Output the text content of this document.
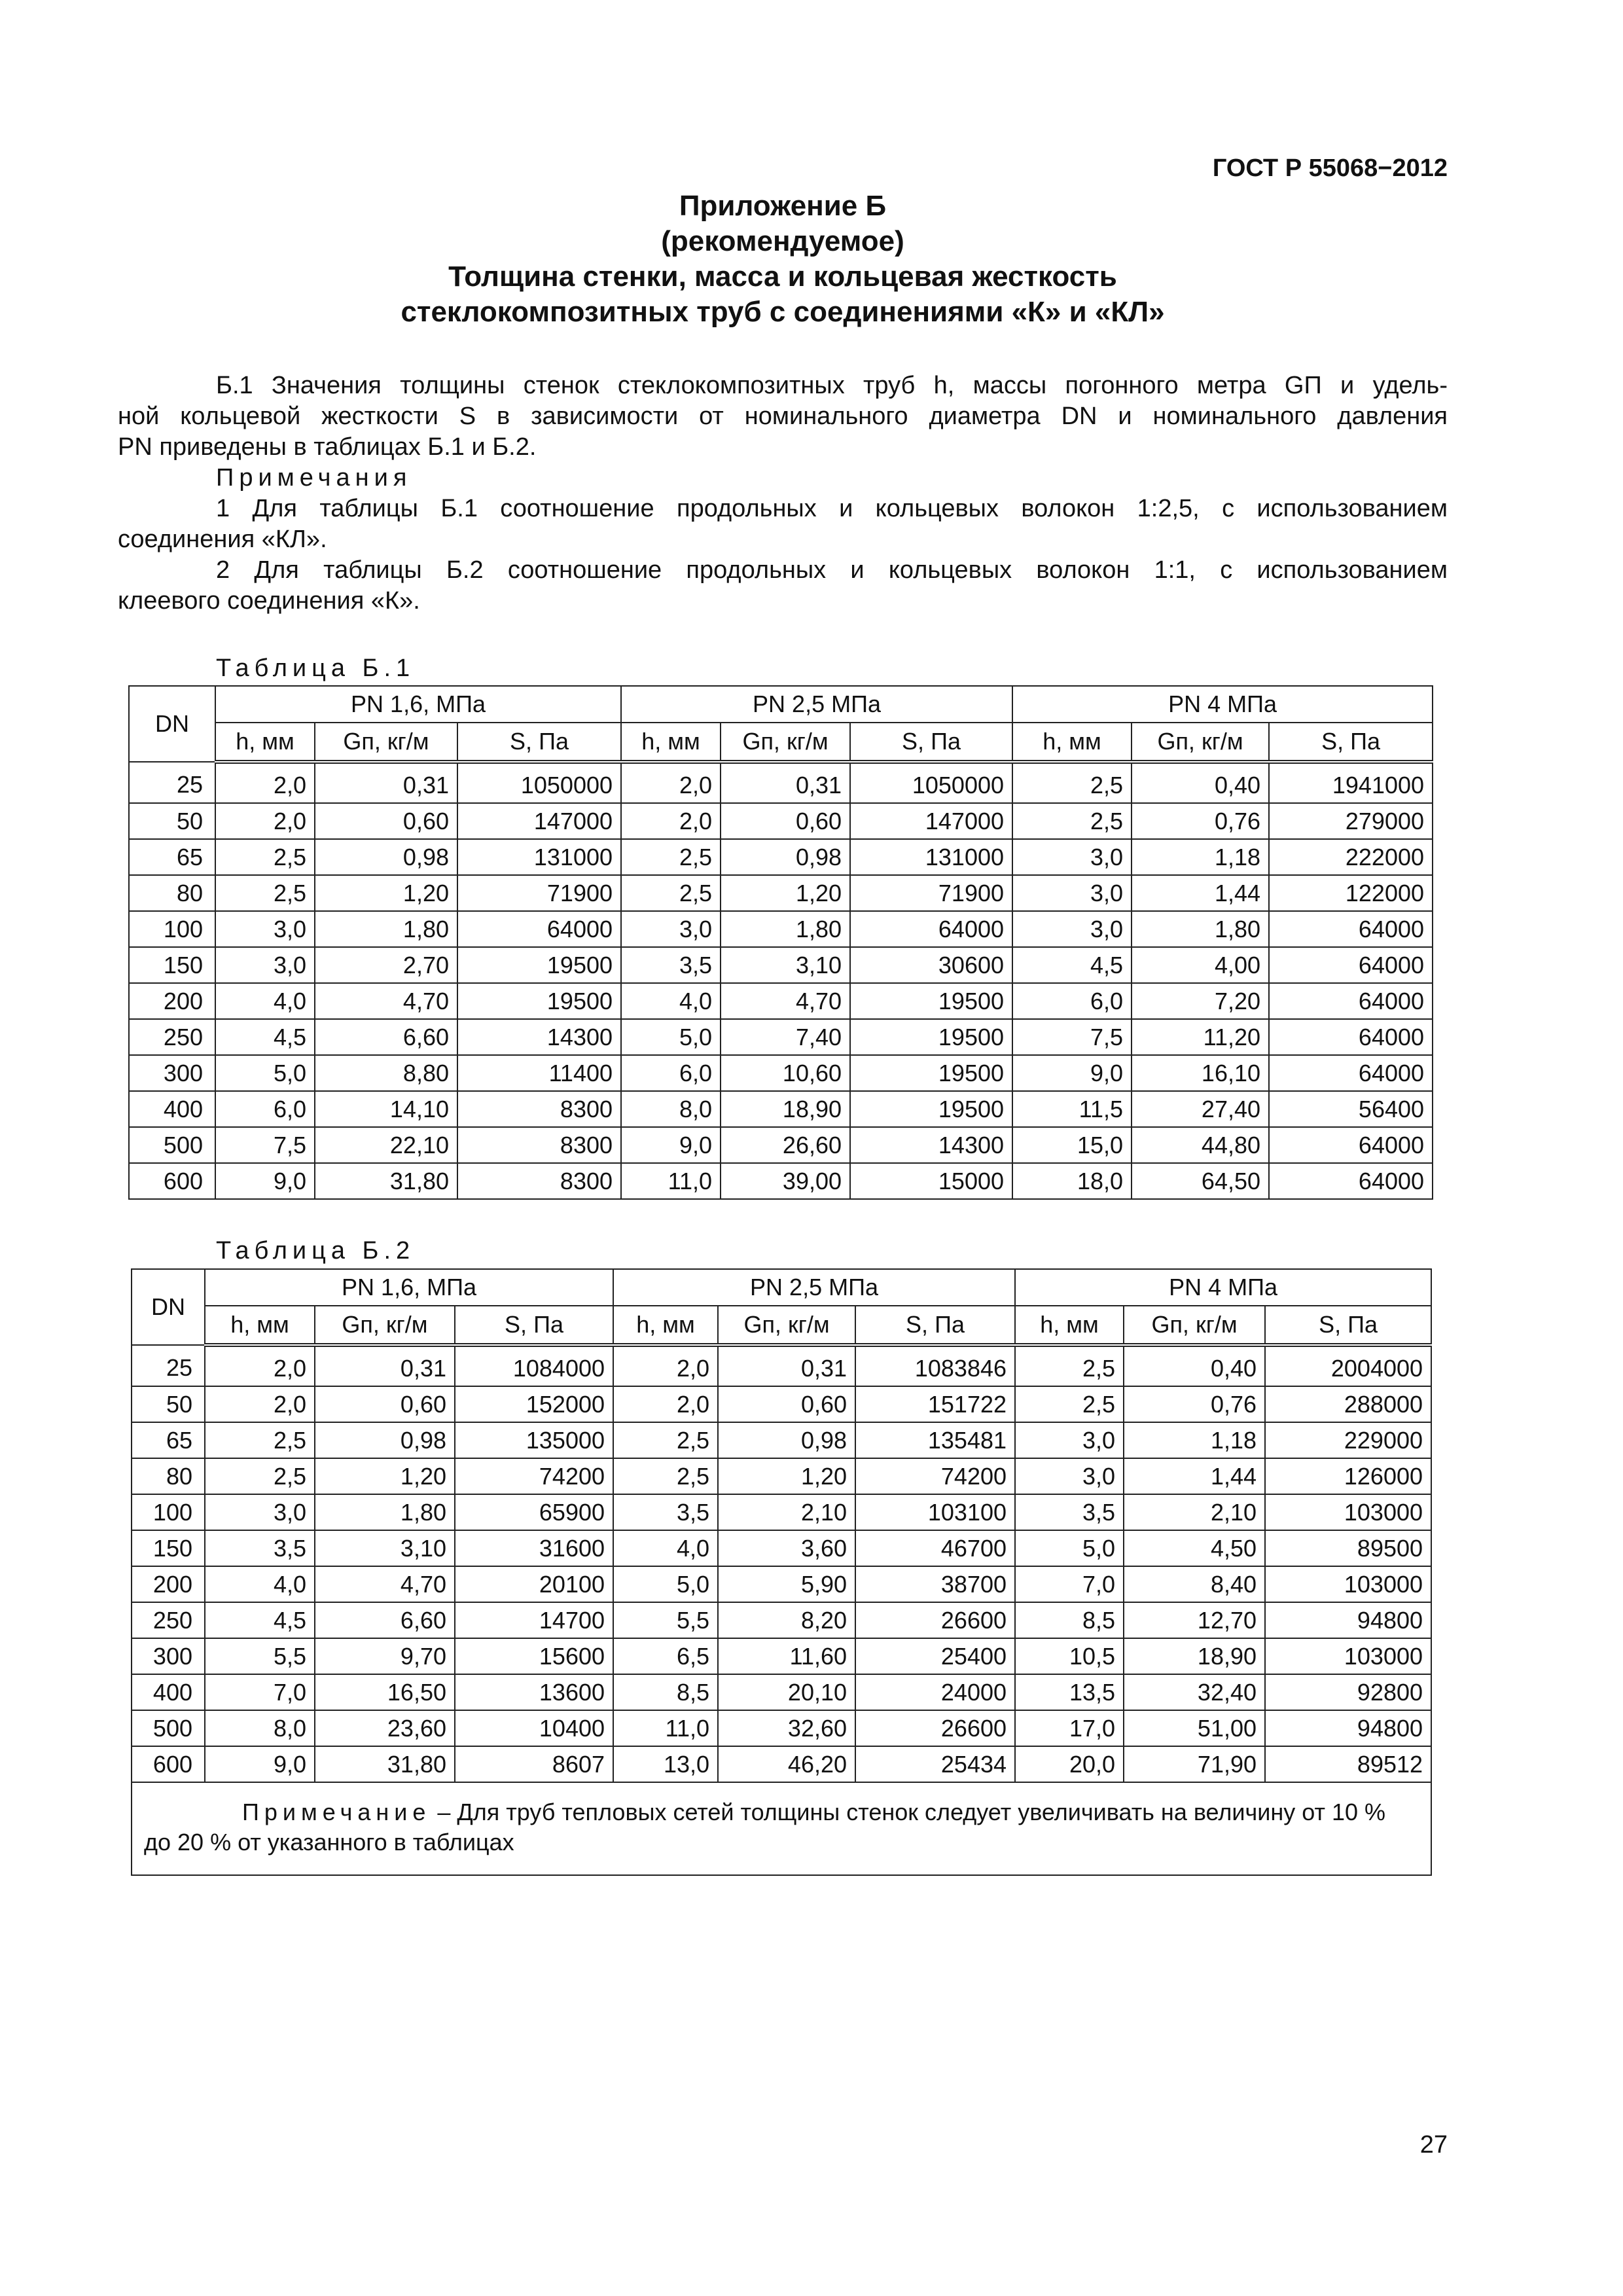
ГОСТ Р 55068−2012
Приложение Б
(рекомендуемое)
Толщина стенки, масса и кольцевая жесткость
стеклокомпозитных труб с соединениями «К» и «КЛ»
Б.1 Значения толщины стенок стеклокомпозитных труб h, массы погонного метра GП и удель-
ной кольцевой жесткости S в зависимости от номинального диаметра DN и номинального давления
PN приведены в таблицах Б.1 и Б.2.
Примечания
1 Для таблицы Б.1 соотношение продольных и кольцевых волокон 1:2,5, с использованием
соединения «КЛ».
2 Для таблицы Б.2 соотношение продольных и кольцевых волокон 1:1, с использованием
клеевого соединения «К».
Таблица Б.1
DN	PN 1,6, МПа			PN 2,5 МПа			PN 4 МПа		
	h, мм	Gп, кг/м	S, Па	h, мм	Gп, кг/м	S, Па	h, мм	Gп, кг/м	S, Па
25	2,0	0,31	1050000	2,0	0,31	1050000	2,5	0,40	1941000
50	2,0	0,60	147000	2,0	0,60	147000	2,5	0,76	279000
65	2,5	0,98	131000	2,5	0,98	131000	3,0	1,18	222000
80	2,5	1,20	71900	2,5	1,20	71900	3,0	1,44	122000
100	3,0	1,80	64000	3,0	1,80	64000	3,0	1,80	64000
150	3,0	2,70	19500	3,5	3,10	30600	4,5	4,00	64000
200	4,0	4,70	19500	4,0	4,70	19500	6,0	7,20	64000
250	4,5	6,60	14300	5,0	7,40	19500	7,5	11,20	64000
300	5,0	8,80	11400	6,0	10,60	19500	9,0	16,10	64000
400	6,0	14,10	8300	8,0	18,90	19500	11,5	27,40	56400
500	7,5	22,10	8300	9,0	26,60	14300	15,0	44,80	64000
600	9,0	31,80	8300	11,0	39,00	15000	18,0	64,50	64000
Таблица Б.2
DN	PN 1,6, МПа			PN 2,5 МПа			PN 4 МПа		
	h, мм	Gп, кг/м	S, Па	h, мм	Gп, кг/м	S, Па	h, мм	Gп, кг/м	S, Па
25	2,0	0,31	1084000	2,0	0,31	1083846	2,5	0,40	2004000
50	2,0	0,60	152000	2,0	0,60	151722	2,5	0,76	288000
65	2,5	0,98	135000	2,5	0,98	135481	3,0	1,18	229000
80	2,5	1,20	74200	2,5	1,20	74200	3,0	1,44	126000
100	3,0	1,80	65900	3,5	2,10	103100	3,5	2,10	103000
150	3,5	3,10	31600	4,0	3,60	46700	5,0	4,50	89500
200	4,0	4,70	20100	5,0	5,90	38700	7,0	8,40	103000
250	4,5	6,60	14700	5,5	8,20	26600	8,5	12,70	94800
300	5,5	9,70	15600	6,5	11,60	25400	10,5	18,90	103000
400	7,0	16,50	13600	8,5	20,10	24000	13,5	32,40	92800
500	8,0	23,60	10400	11,0	32,60	26600	17,0	51,00	94800
600	9,0	31,80	8607	13,0	46,20	25434	20,0	71,90	89512
Примечание – Для труб тепловых сетей толщины стенок следует увеличивать на величину от 10 % до 20 % от указанного в таблицах									
27
